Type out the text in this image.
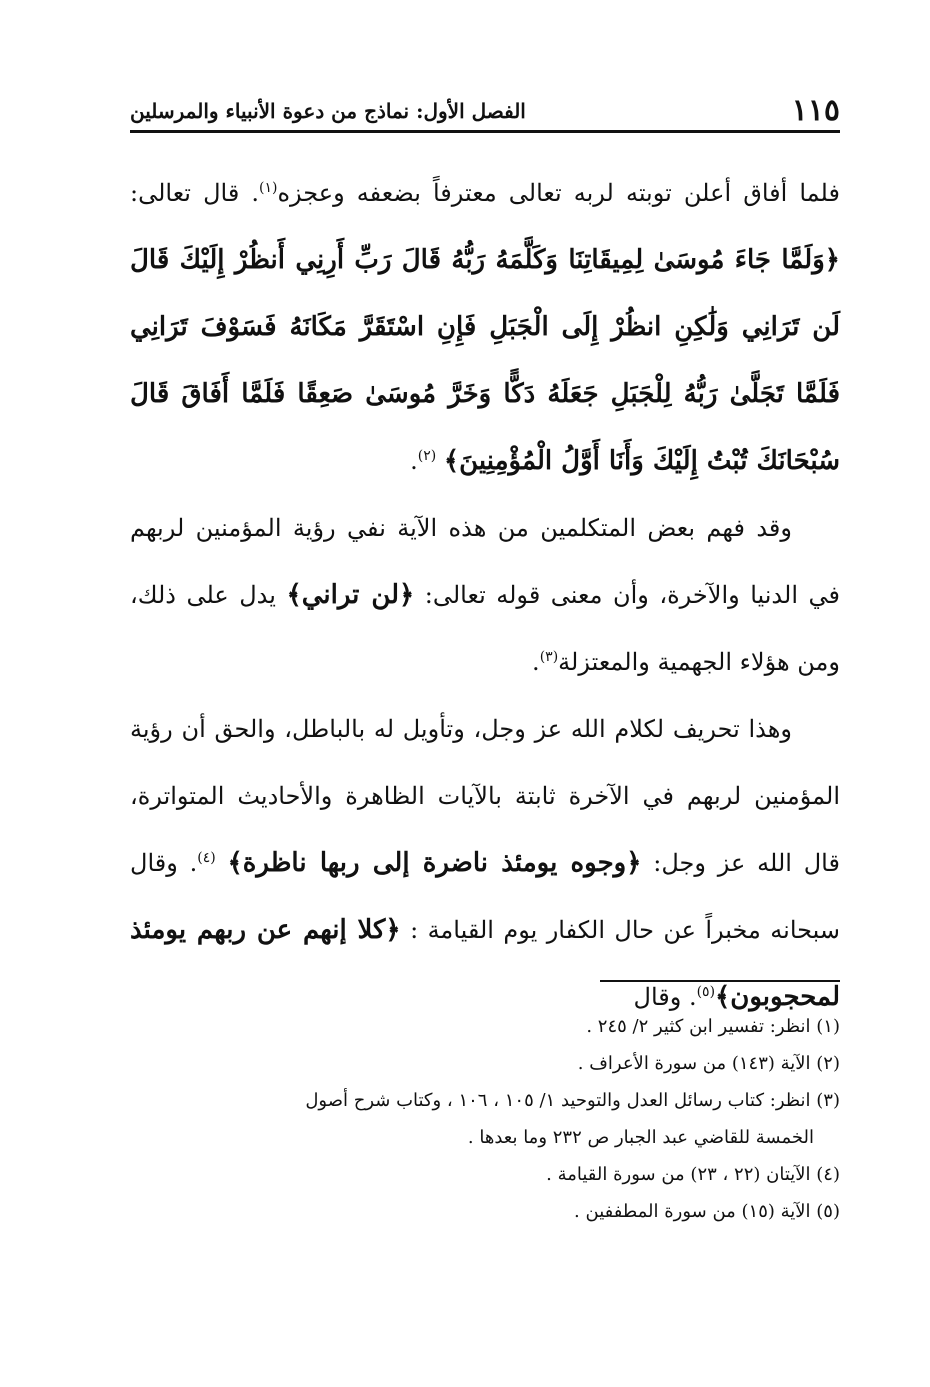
١١٥
الفصل الأول: نماذج من دعوة الأنبياء والمرسلين

فلما أفاق أعلن توبته لربه تعالى معترفاً بضعفه وعجزه$^{(١)}$. قال تعالى:﴿وَلَمَّا جَاءَ مُوسَىٰ لِمِيقَاتِنَا وَكَلَّمَهُ رَبُّهُ قَالَ رَبِّ أَرِنِي أَنظُرْ إِلَيْكَ قَالَ لَن تَرَانِي وَلَٰكِنِ انظُرْ إِلَى الْجَبَلِ فَإِنِ اسْتَقَرَّ مَكَانَهُ فَسَوْفَ تَرَانِي فَلَمَّا تَجَلَّىٰ رَبُّهُ لِلْجَبَلِ جَعَلَهُ دَكًّا وَخَرَّ مُوسَىٰ صَعِقًا فَلَمَّا أَفَاقَ قَالَ سُبْحَانَكَ تُبْتُ إِلَيْكَ وَأَنَا أَوَّلُ الْمُؤْمِنِينَ﴾ $^{(٢)}$.

وقد فهم بعض المتكلمين من هذه الآية نفي رؤية المؤمنين لربهم في الدنيا والآخرة، وأن معنى قوله تعالى: ﴿لن تراني﴾ يدل على ذلك، ومن هؤلاء الجهمية والمعتزلة$^{(٣)}$.

وهذا تحريف لكلام الله عز وجل، وتأويل له بالباطل، والحق أن رؤية المؤمنين لربهم في الآخرة ثابتة بالآيات الظاهرة والأحاديث المتواترة، قال الله عز وجل: ﴿وجوه يومئذ ناضرة إلى ربها ناظرة﴾ $^{(٤)}$. وقال سبحانه مخبراً عن حال الكفار يوم القيامة : ﴿كلا إنهم عن ربهم يومئذ لمحجوبون﴾$^{(٥)}$. وقال

(١) انظر: تفسير ابن كثير ٢/ ٢٤٥ .

(٢) الآية (١٤٣) من سورة الأعراف .

(٣) انظر: كتاب رسائل العدل والتوحيد ١/ ١٠٥ ، ١٠٦ ، وكتاب شرح أصول

الخمسة للقاضي عبد الجبار ص ٢٣٢ وما بعدها .

(٤) الآيتان (٢٢ ، ٢٣) من سورة القيامة .

(٥) الآية (١٥) من سورة المطففين .
